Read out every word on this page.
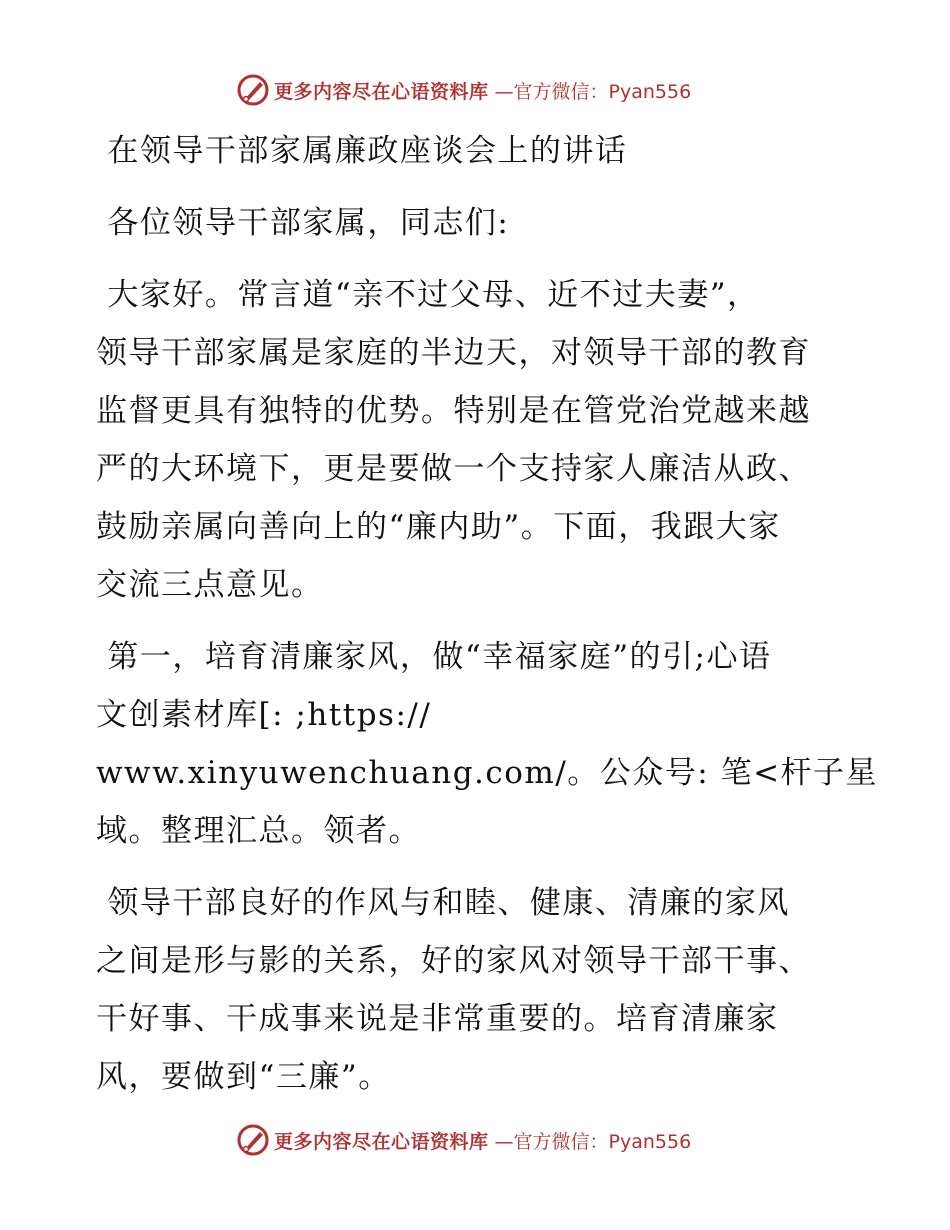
更多内容尽在心语资料库 —官方微信：Pyan556

在领导干部家属廉政座谈会上的讲话

各位领导干部家属，同志们:

大家好。常言道“亲不过父母、近不过夫妻”，

领导干部家属是家庭的半边天，对领导干部的教育

监督更具有独特的优势。特别是在管党治党越来越

严的大环境下，更是要做一个支持家人廉洁从政、

鼓励亲属向善向上的“廉内助”。下面，我跟大家

交流三点意见。

第一，培育清廉家风，做“幸福家庭”的引;心语

文创素材库[: ;https://

www.xinyuwenchuang.com/。公众号: 笔<杆子星

域。整理汇总。领者。

领导干部良好的作风与和睦、健康、清廉的家风

之间是形与影的关系，好的家风对领导干部干事、

干好事、干成事来说是非常重要的。培育清廉家

风，要做到“三廉”。

更多内容尽在心语资料库 —官方微信：Pyan556
